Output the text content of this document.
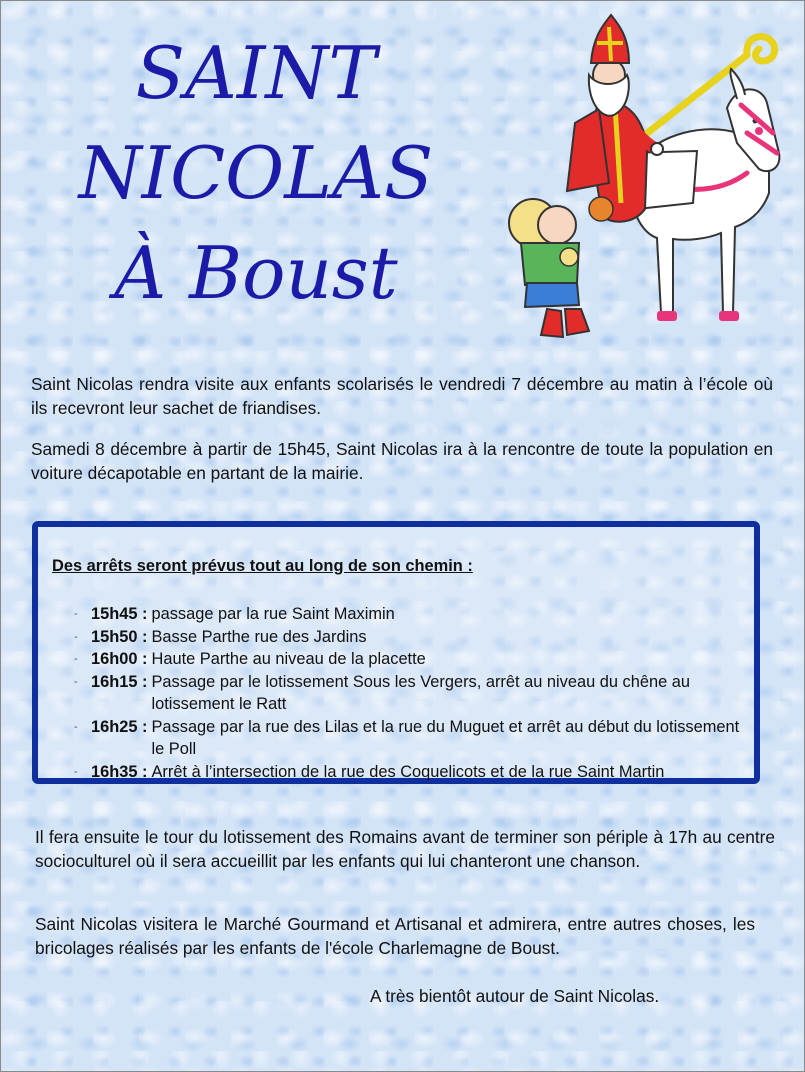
SAINT
NICOLAS
À Boust

Saint Nicolas rendra visite aux enfants scolarisés le vendredi 7 décembre au matin à l’école où ils recevront leur sachet de friandises.

Samedi 8 décembre à partir de 15h45, Saint Nicolas ira à la rencontre de toute la population en voiture décapotable en partant de la mairie.

Des arrêts seront prévus tout au long de son chemin :

- 15h45 : passage par la rue Saint Maximin
- 15h50 : Basse Parthe rue des Jardins
- 16h00 : Haute Parthe au niveau de la placette
- 16h15 : Passage par le lotissement Sous les Vergers, arrêt au niveau du chêne au lotissement le Ratt
- 16h25 : Passage par la rue des Lilas et la rue du Muguet et arrêt au début du lotissement le Poll
- 16h35 : Arrêt à l’intersection de la rue des Coquelicots et de la rue Saint Martin

Il fera ensuite le tour du lotissement des Romains avant de terminer son périple à 17h au centre socioculturel où il sera accueillit par les enfants qui lui chanteront une chanson.

Saint Nicolas visitera le Marché Gourmand et Artisanal et admirera, entre autres choses, les bricolages réalisés par les enfants de l'école Charlemagne de Boust.

A très bientôt autour de Saint Nicolas.
